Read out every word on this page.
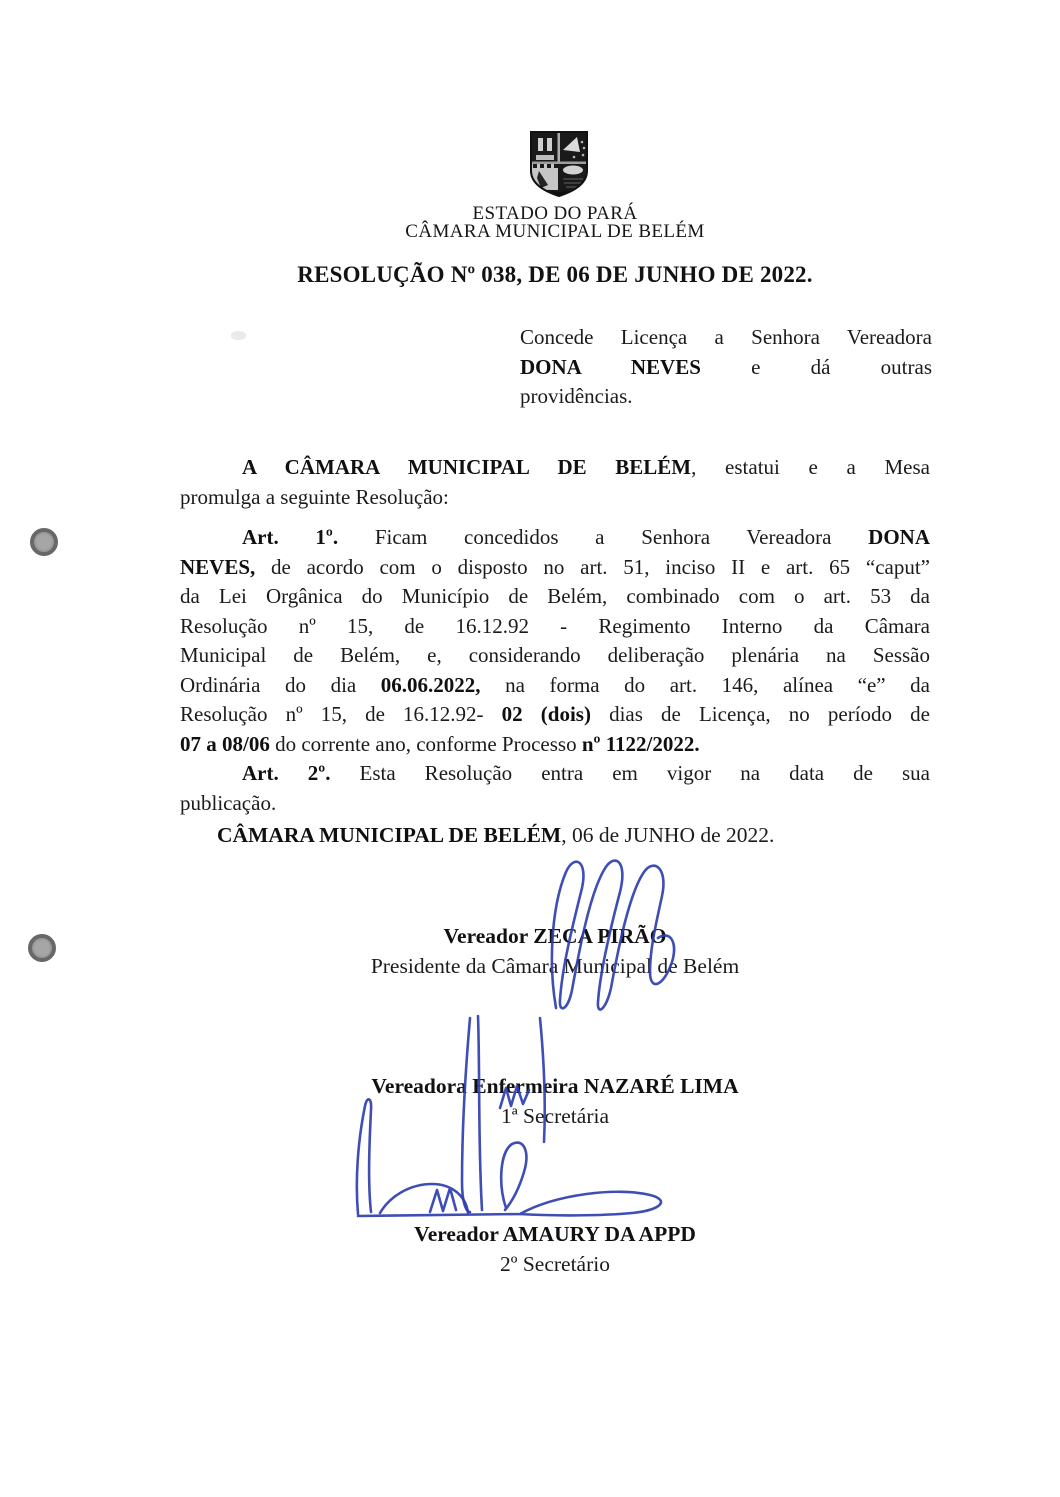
ESTADO DO PARÁ
CÂMARA MUNICIPAL DE BELÉM
RESOLUÇÃO Nº 038, DE 06 DE JUNHO DE 2022.
Concede Licença a Senhora Vereadora
DONA NEVES e dá outras
providências.
A CÂMARA MUNICIPAL DE BELÉM, estatui e a Mesa
promulga a seguinte Resolução:
Art. 1º. Ficam concedidos a Senhora Vereadora DONA
NEVES, de acordo com o disposto no art. 51, inciso II e art. 65 “caput”
da Lei Orgânica do Município de Belém, combinado com o art. 53 da
Resolução nº 15, de 16.12.92 - Regimento Interno da Câmara
Municipal de Belém, e, considerando deliberação plenária na Sessão
Ordinária do dia 06.06.2022, na forma do art. 146, alínea “e” da
Resolução nº 15, de 16.12.92- 02 (dois) dias de Licença, no período de
07 a 08/06 do corrente ano, conforme Processo nº 1122/2022.
Art. 2º. Esta Resolução entra em vigor na data de sua
publicação.
CÂMARA MUNICIPAL DE BELÉM, 06 de JUNHO de 2022.
Vereador ZECA PIRÃO
Presidente da Câmara Municipal de Belém
Vereadora Enfermeira NAZARÉ LIMA
1ª Secretária
Vereador AMAURY DA APPD
2º Secretário
